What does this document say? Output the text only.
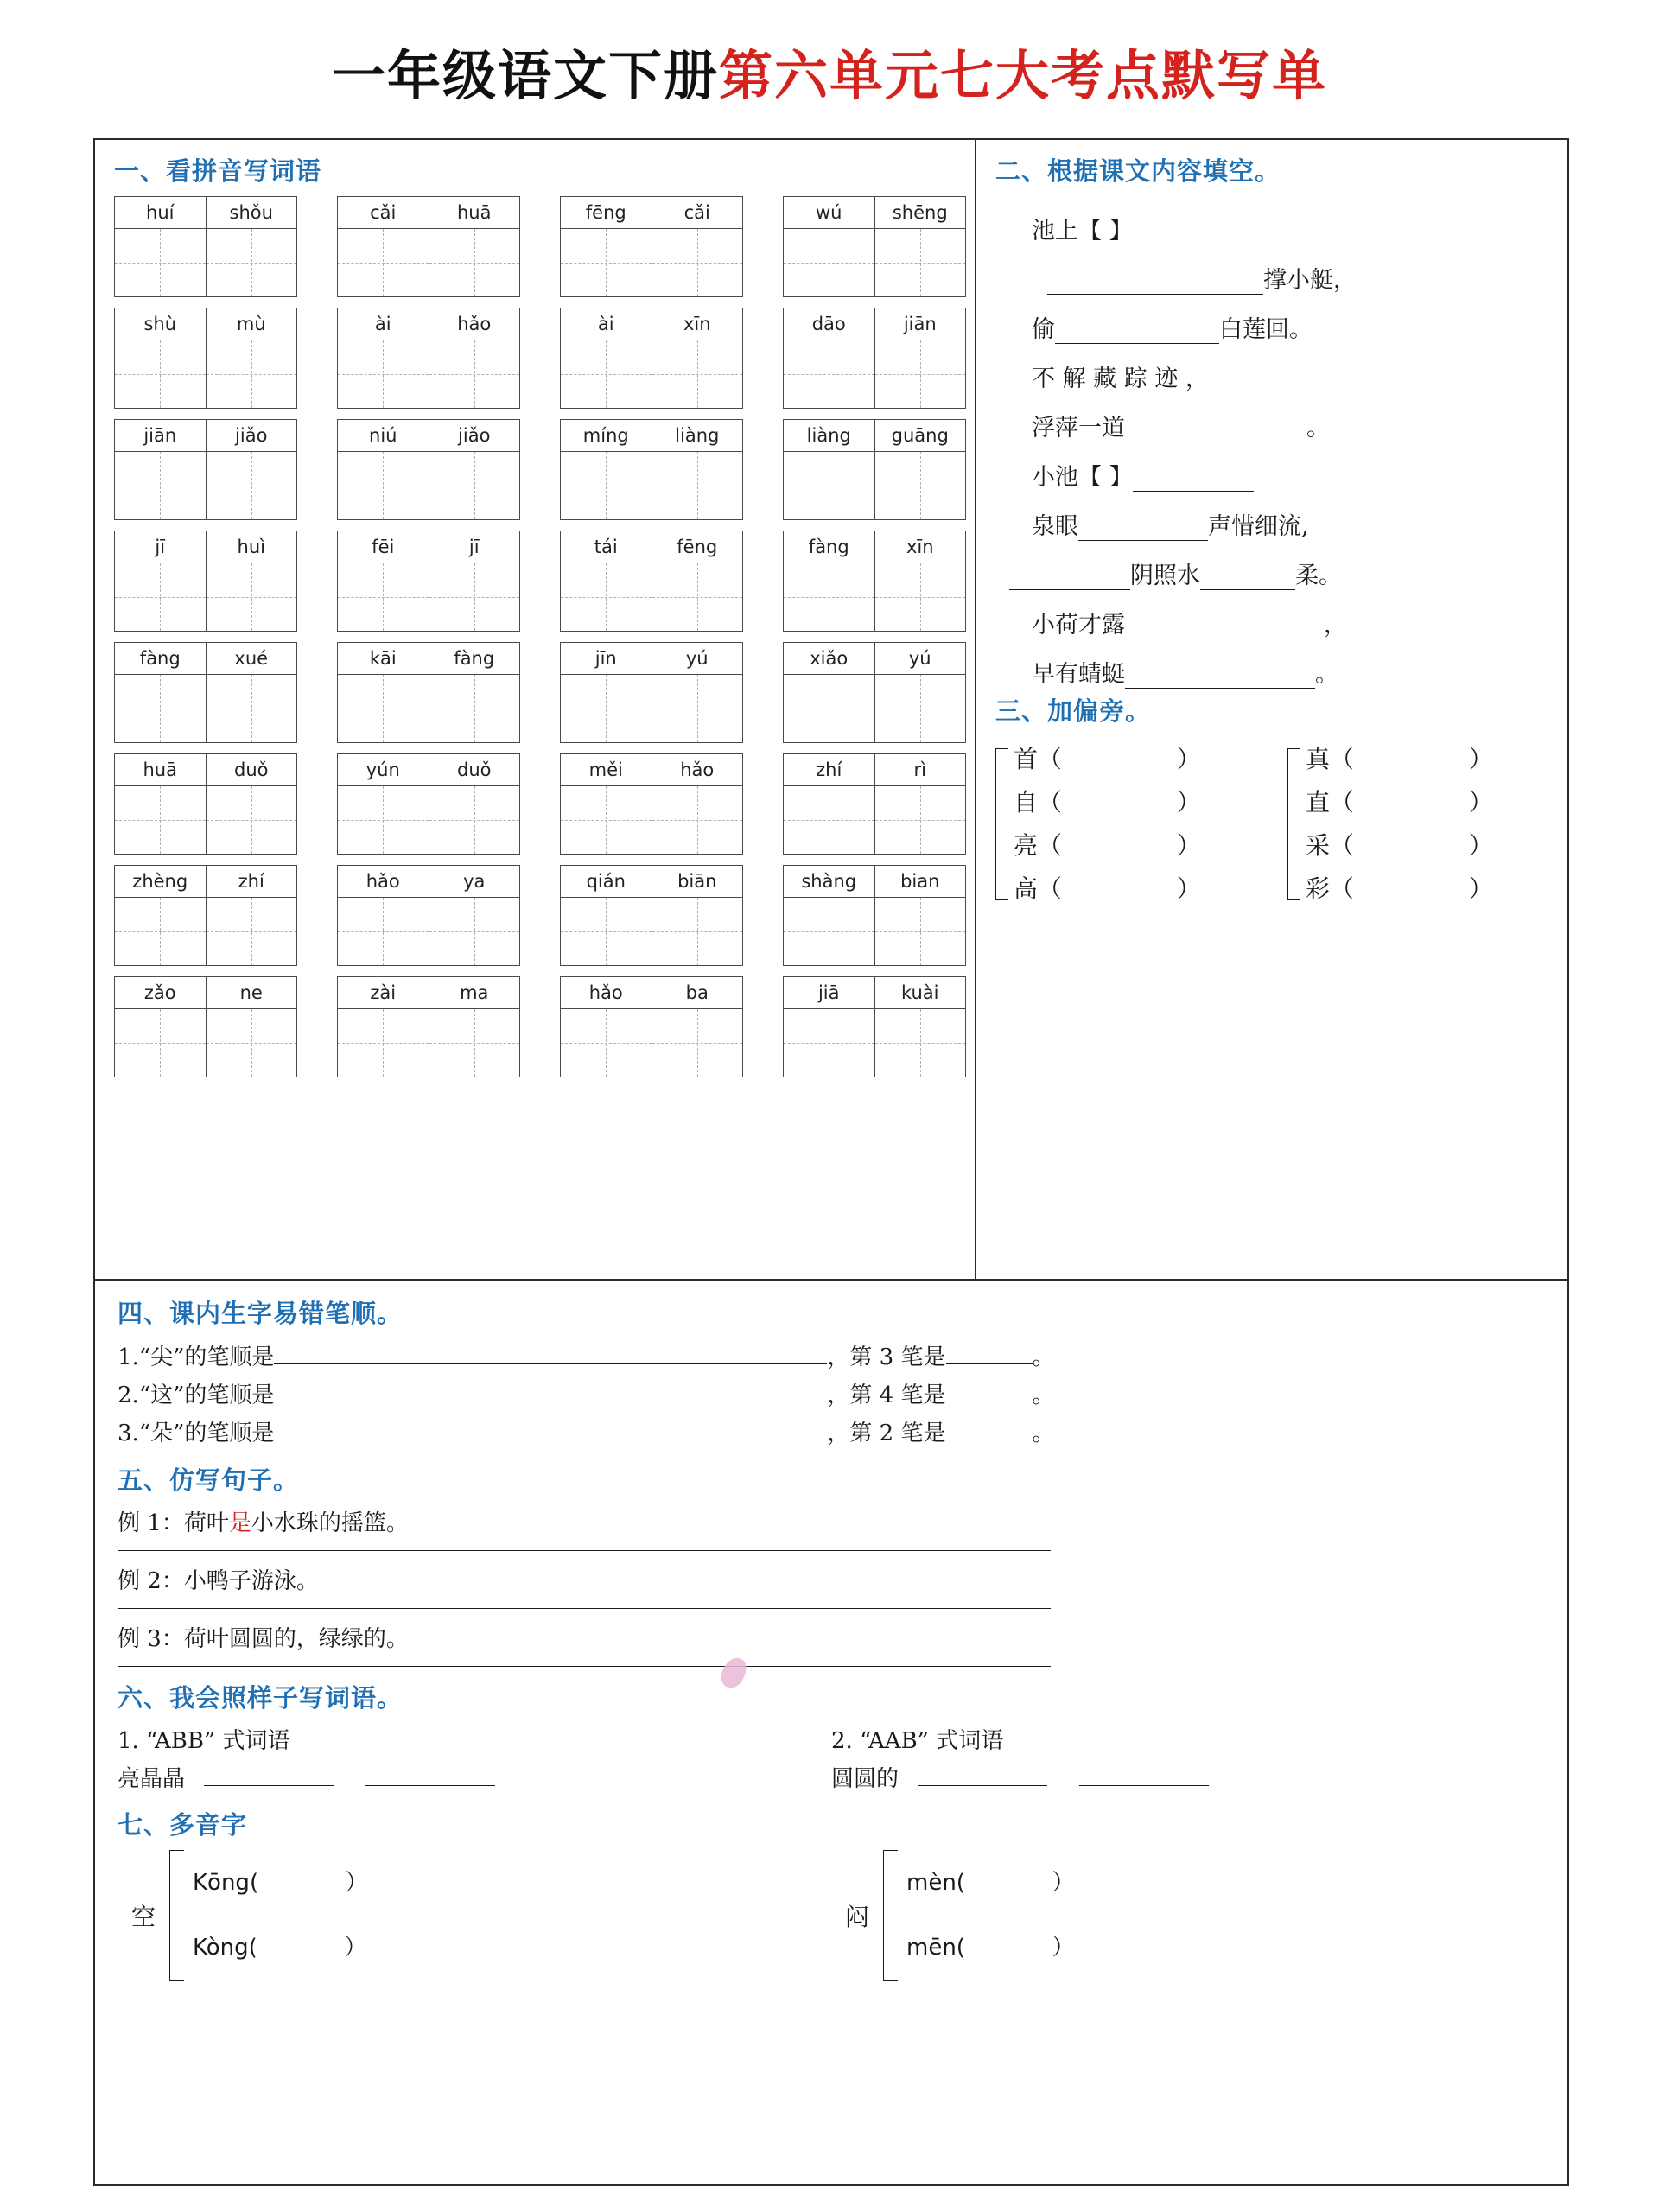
一年级语文下册第六单元七大考点默写单
一、看拼音写词语
huí	shǒu	cǎi	huā	fēng	cǎi	wú	shēng
shù	mù	ài	hǎo	ài	xīn	dāo	jiān
jiān	jiǎo	niú	jiǎo	míng	liàng	liàng	guāng
jī	huì	fēi	jī	tái	fēng	fàng	xīn
fàng	xué	kāi	fàng	jīn	yú	xiǎo	yú
huā	duǒ	yún	duǒ	měi	hǎo	zhí	rì
zhèng	zhí	hǎo	ya	qián	biān	shàng	bian
zǎo	ne	zài	ma	hǎo	ba	jiā	kuài
二、根据课文内容填空。
池上【 】
撑小艇，
偷	白莲回。
不 解 藏 踪 迹 ，
浮萍一道	。
小池【 】
泉眼	声惜细流,
阴照水	柔。
小荷才露	，
早有蜻蜓	。
三、加偏旁。
首（	）
自（	）
亮（	）
高（	）
真（	）
直（	）
采（	）
彩（	）
四、课内生字易错笔顺。
1.“尖”的笔顺是	，第 3 笔是	。
2.“这”的笔顺是	，第 4 笔是	。
3.“朵”的笔顺是	，第 2 笔是	。
五、仿写句子。
例 1：荷叶是小水珠的摇篮。
例 2：小鸭子游泳。
例 3：荷叶圆圆的，绿绿的。
六、我会照样子写词语。
1. “ABB” 式词语
亮晶晶
2. “AAB” 式词语
圆圆的
七、多音字
空
Kōng(	）
Kòng(	）
闷
mèn(	）
mēn(	）
